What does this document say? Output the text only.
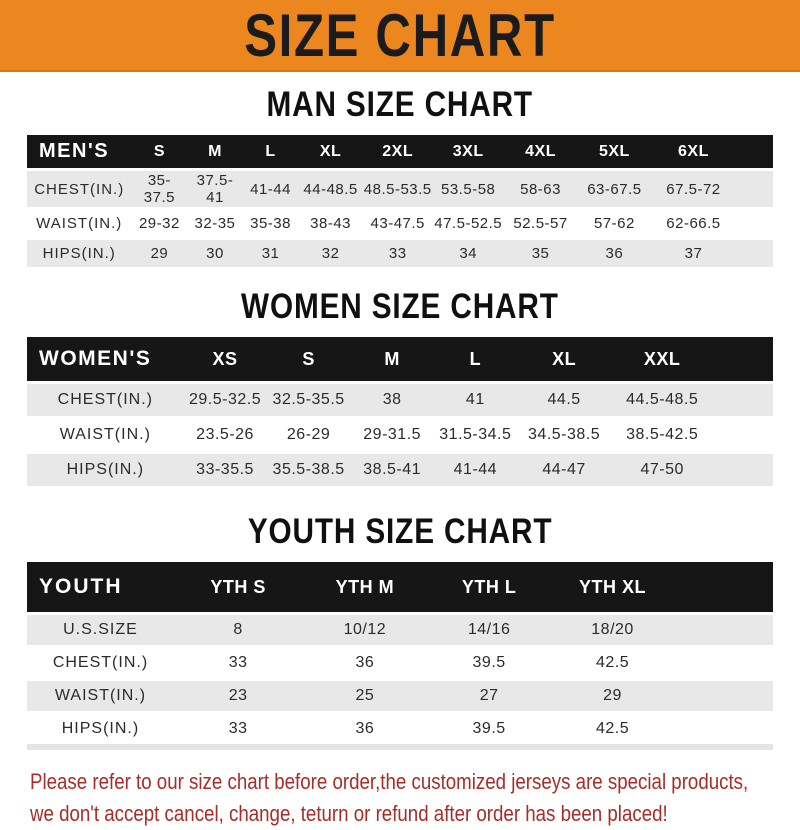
SIZE CHART
MAN SIZE CHART
MEN'S	S	M	L	XL	2XL	3XL	4XL	5XL	6XL	
CHEST(IN.)	35-37.5	37.5-41	41-44	44-48.5	48.5-53.5	53.5-58	58-63	63-67.5	67.5-72	
WAIST(IN.)	29-32	32-35	35-38	38-43	43-47.5	47.5-52.5	52.5-57	57-62	62-66.5	
HIPS(IN.)	29	30	31	32	33	34	35	36	37	
WOMEN SIZE CHART
WOMEN'S	XS	S	M	L	XL	XXL	
CHEST(IN.)	29.5-32.5	32.5-35.5	38	41	44.5	44.5-48.5	
WAIST(IN.)	23.5-26	26-29	29-31.5	31.5-34.5	34.5-38.5	38.5-42.5	
HIPS(IN.)	33-35.5	35.5-38.5	38.5-41	41-44	44-47	47-50	
YOUTH SIZE CHART
YOUTH	YTH S	YTH M	YTH L	YTH XL	
U.S.SIZE	8	10/12	14/16	18/20	
CHEST(IN.)	33	36	39.5	42.5	
WAIST(IN.)	23	25	27	29	
HIPS(IN.)	33	36	39.5	42.5	
Please refer to our size chart before order,the customized jerseys are special products,
we don't accept cancel, change, teturn or refund after order has been placed!
